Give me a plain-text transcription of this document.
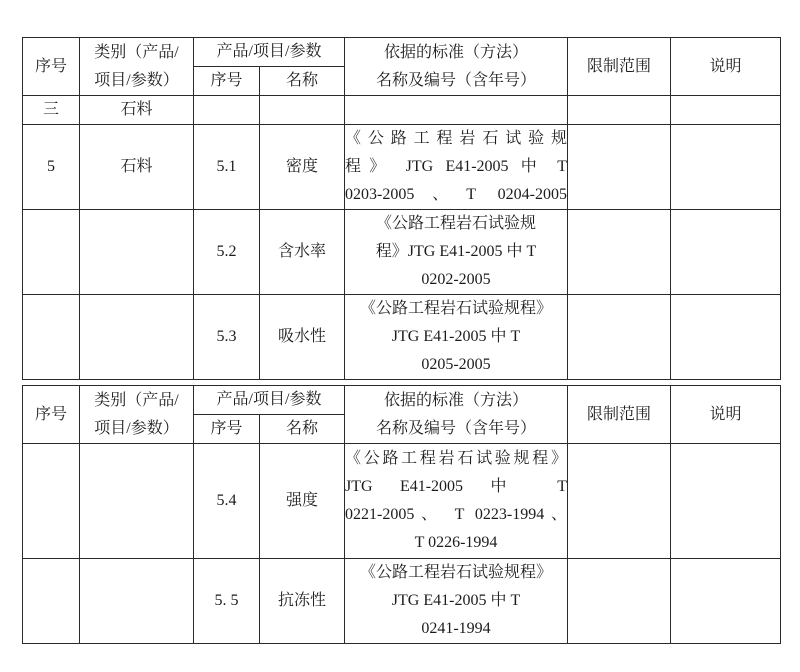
序号	类别（产品/
项目/参数）	产品/项目/参数		依据的标准（方法）
名称及编号（含年号）	限制范围	说明
		序号	名称			
三	石料					
5	石料	5.1	密度	《公路工程岩石试验规
程》 JTG E41-2005 中 T
0203-2005、T 0204-2005		

		5.2	含水率	《公路工程岩石试验规
程》JTG E41-2005 中 T
0202-2005		

		5.3	吸水性	《公路工程岩石试验规程》
JTG E41-2005 中 T
0205-2005		

序号	类别（产品/
项目/参数）	产品/项目/参数		依据的标准（方法）
名称及编号（含年号）	限制范围	说明
		序号	名称			
		5.4	强度	《公路工程岩石试验规程》
JTG E41-2005 中 T
0221-2005、 T 0223-1994、
T 0226-1994		

		5. 5	抗冻性	《公路工程岩石试验规程》
JTG E41-2005 中 T
0241-1994		
